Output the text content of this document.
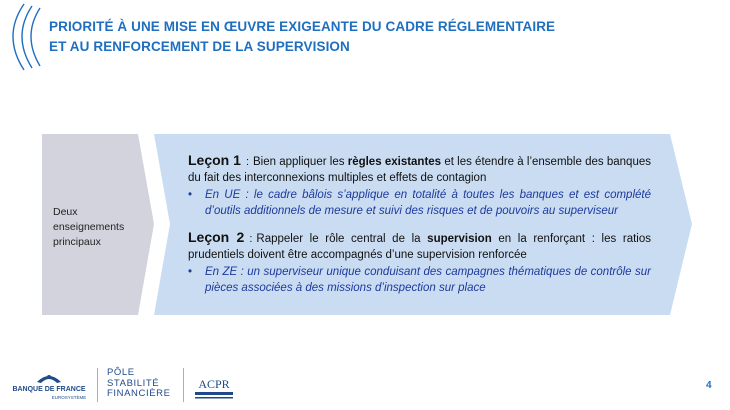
PRIORITÉ À UNE MISE EN ŒUVRE EXIGEANTE DU CADRE RÉGLEMENTAIRE
ET AU RENFORCEMENT DE LA SUPERVISION
Deux enseignements principaux
Leçon 1 : Bien appliquer les règles existantes et les étendre à l’ensemble des banques du fait des interconnexions multiples et effets de contagion
• En UE : le cadre bâlois s’applique en totalité à toutes les banques et est complété d’outils additionnels de mesure et suivi des risques et de pouvoirs au superviseur
Leçon 2 : Rappeler le rôle central de la supervision en la renforçant : les ratios prudentiels doivent être accompagnés d’une supervision renforcée
• En ZE : un superviseur unique conduisant des campagnes thématiques de contrôle sur pièces associées à des missions d’inspection sur place
BANQUE DE FRANCE
EUROSYSTÈME
PÔLE
STABILITÉ
FINANCIÈRE
ACPR	4
